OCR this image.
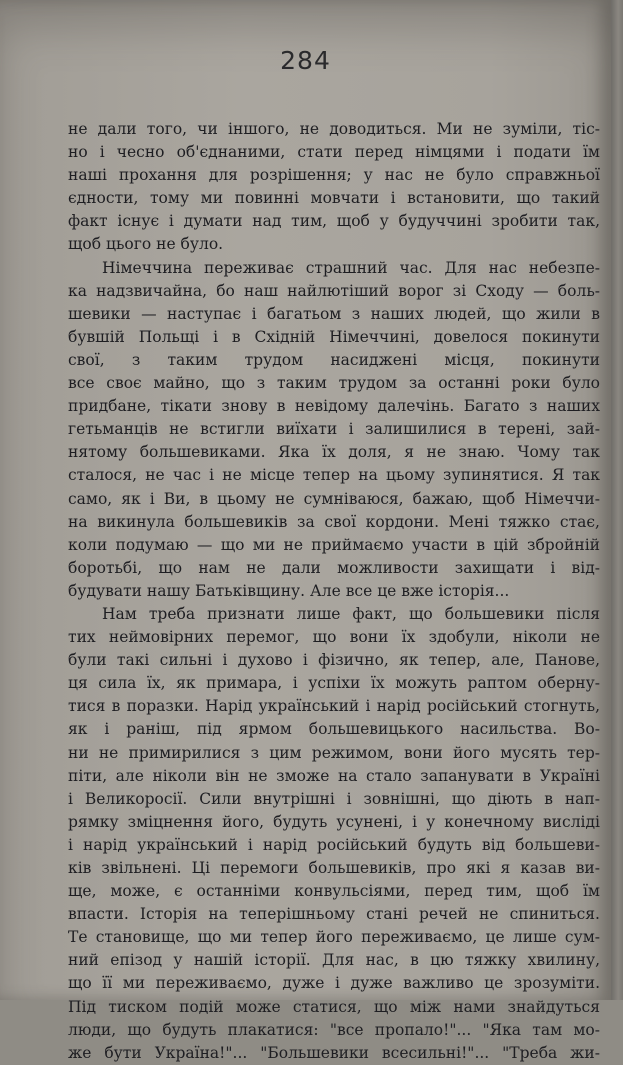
284
не дали того, чи іншого, не доводиться. Ми не зуміли, тіс-
но і чесно об'єднаними, стати перед німцями і подати їм
наші прохання для розрішення; у нас не було справжньої
єдности, тому ми повинні мовчати і встановити, що такий
факт існує і думати над тим, щоб у будуччині зробити так,
щоб цього не було.
Німеччина переживає страшний час. Для нас небезпе-
ка надзвичайна, бо наш найлютіший ворог зі Сходу — боль-
шевики — наступає і багатьом з наших людей, що жили в
бувшій Польщі і в Східній Німеччині, довелося покинути
свої, з таким трудом насиджені місця, покинути
все своє майно, що з таким трудом за останні роки було
придбане, тікати знову в невідому далечінь. Багато з наших
гетьманців не встигли виїхати і залишилися в терені, зай-
нятому большевиками. Яка їх доля, я не знаю. Чому так
сталося, не час і не місце тепер на цьому зупинятися. Я так
само, як і Ви, в цьому не сумніваюся, бажаю, щоб Німеччи-
на викинула большевиків за свої кордони. Мені тяжко стає,
коли подумаю — що ми не приймаємо участи в цій збройній
боротьбі, що нам не дали можливости захищати і від-
будувати нашу Батьківщину. Але все це вже історія...
Нам треба признати лише факт, що большевики після
тих неймовірних перемог, що вони їх здобули, ніколи не
були такі сильні і духово і фізично, як тепер, але, Панове,
ця сила їх, як примара, і успіхи їх можуть раптом оберну-
тися в поразки. Нарід український і нарід російський стогнуть,
як і раніш, під ярмом большевицького насильства. Во-
ни не примирилися з цим режимом, вони його мусять тер-
піти, але ніколи він не зможе на стало запанувати в Україні
і Великоросії. Сили внутрішні і зовнішні, що діють в нап-
рямку зміцнення його, будуть усунені, і у конечному висліді
і нарід український і нарід російський будуть від большеви-
ків звільнені. Ці перемоги большевиків, про які я казав ви-
ще, може, є останніми конвульсіями, перед тим, щоб їм
впасти. Історія на теперішньому стані речей не спиниться.
Те становище, що ми тепер його переживаємо, це лише сум-
ний епізод у нашій історії. Для нас, в цю тяжку хвилину,
що її ми переживаємо, дуже і дуже важливо це зрозуміти.
Під тиском подій може статися, що між нами знайдуться
люди, що будуть плакатися: "все пропало!"... "Яка там мо-
же бути Україна!"... "Большевики всесильні!"... "Треба жи-
